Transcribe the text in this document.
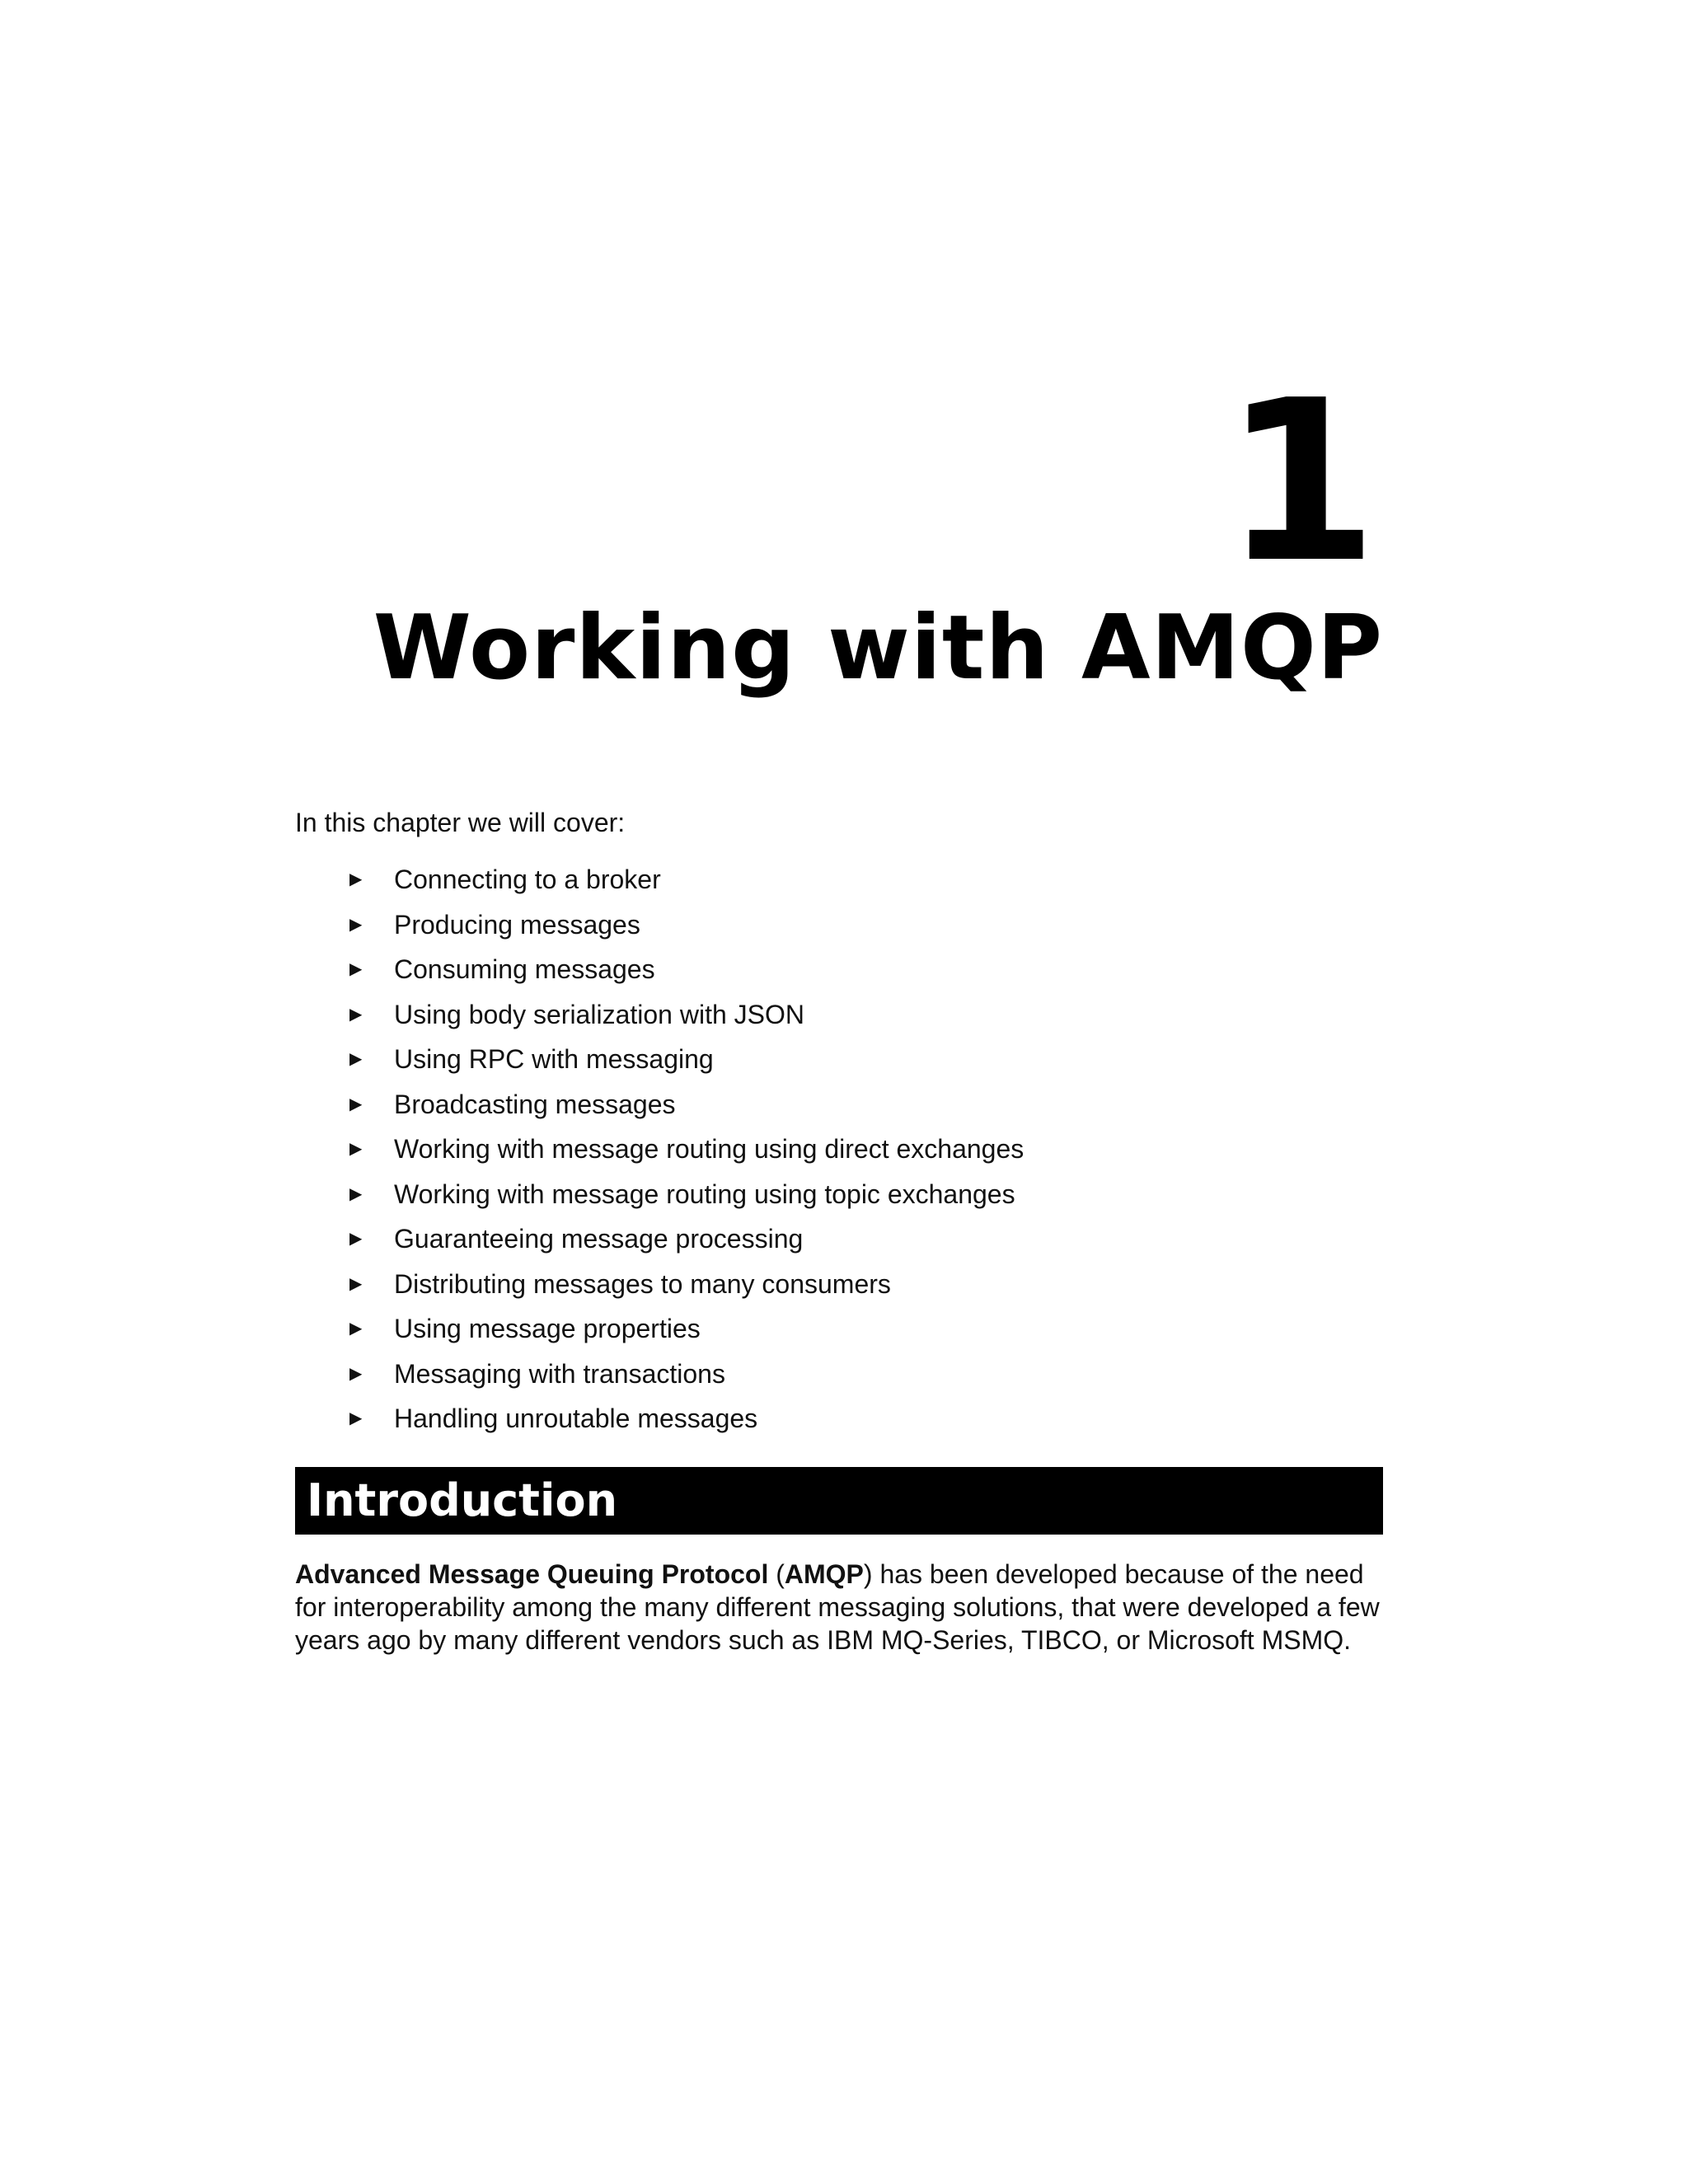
1
Working with AMQP

In this chapter we will cover:

▶ Connecting to a broker
▶ Producing messages
▶ Consuming messages
▶ Using body serialization with JSON
▶ Using RPC with messaging
▶ Broadcasting messages
▶ Working with message routing using direct exchanges
▶ Working with message routing using topic exchanges
▶ Guaranteeing message processing
▶ Distributing messages to many consumers
▶ Using message properties
▶ Messaging with transactions
▶ Handling unroutable messages
Introduction

Advanced Message Queuing Protocol (AMQP) has been developed because of the need for interoperability among the many different messaging solutions, that were developed a few years ago by many different vendors such as IBM MQ-Series, TIBCO, or Microsoft MSMQ.
